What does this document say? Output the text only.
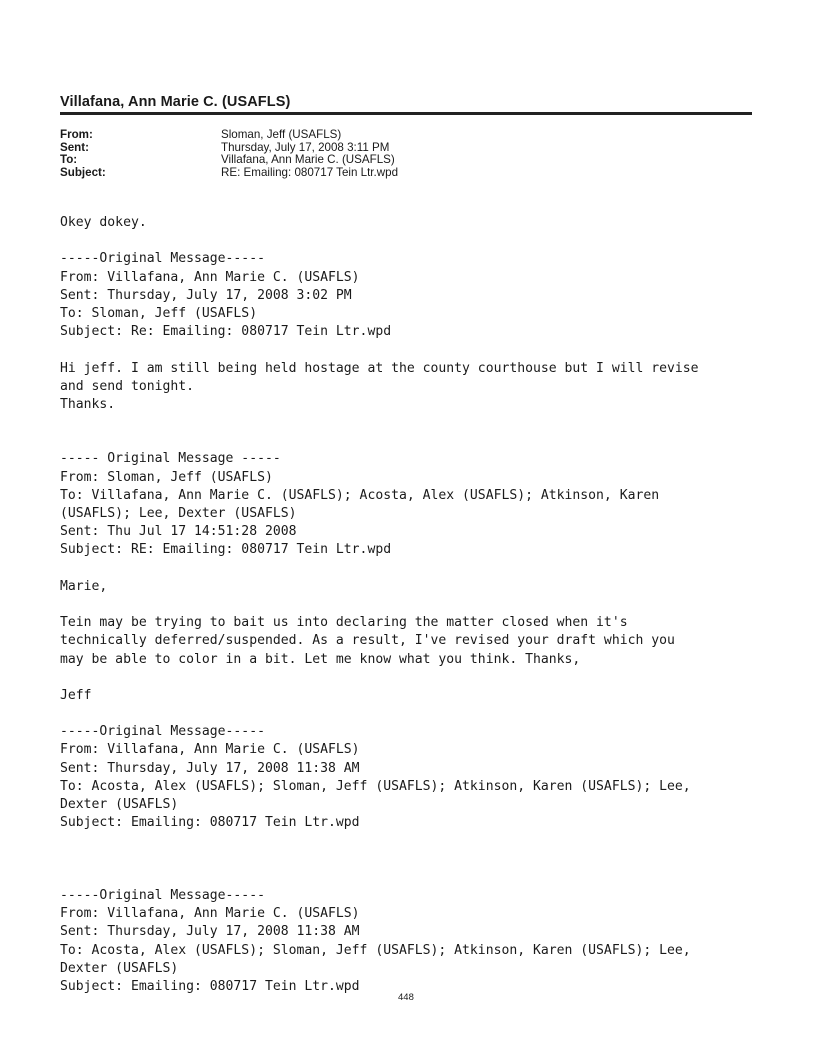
Villafana, Ann Marie C. (USAFLS)
From:	Sloman, Jeff (USAFLS)
Sent:	Thursday, July 17, 2008 3:11 PM
To:	Villafana, Ann Marie C. (USAFLS)
Subject:	RE: Emailing: 080717 Tein Ltr.wpd
Okey dokey.
-----Original Message-----
From: Villafana, Ann Marie C. (USAFLS)
Sent: Thursday, July 17, 2008 3:02 PM
To: Sloman, Jeff (USAFLS)
Subject: Re: Emailing: 080717 Tein Ltr.wpd
Hi jeff. I am still being held hostage at the county courthouse but I will revise
and send tonight.
Thanks.
----- Original Message -----
From: Sloman, Jeff (USAFLS)
To: Villafana, Ann Marie C. (USAFLS); Acosta, Alex (USAFLS); Atkinson, Karen
(USAFLS); Lee, Dexter (USAFLS)
Sent: Thu Jul 17 14:51:28 2008
Subject: RE: Emailing: 080717 Tein Ltr.wpd
Marie,
Tein may be trying to bait us into declaring the matter closed when it's
technically deferred/suspended. As a result, I've revised your draft which you
may be able to color in a bit. Let me know what you think. Thanks,
Jeff
-----Original Message-----
From: Villafana, Ann Marie C. (USAFLS)
Sent: Thursday, July 17, 2008 11:38 AM
To: Acosta, Alex (USAFLS); Sloman, Jeff (USAFLS); Atkinson, Karen (USAFLS); Lee,
Dexter (USAFLS)
Subject: Emailing: 080717 Tein Ltr.wpd
-----Original Message-----
From: Villafana, Ann Marie C. (USAFLS)
Sent: Thursday, July 17, 2008 11:38 AM
To: Acosta, Alex (USAFLS); Sloman, Jeff (USAFLS); Atkinson, Karen (USAFLS); Lee,
Dexter (USAFLS)
Subject: Emailing: 080717 Tein Ltr.wpd
448
